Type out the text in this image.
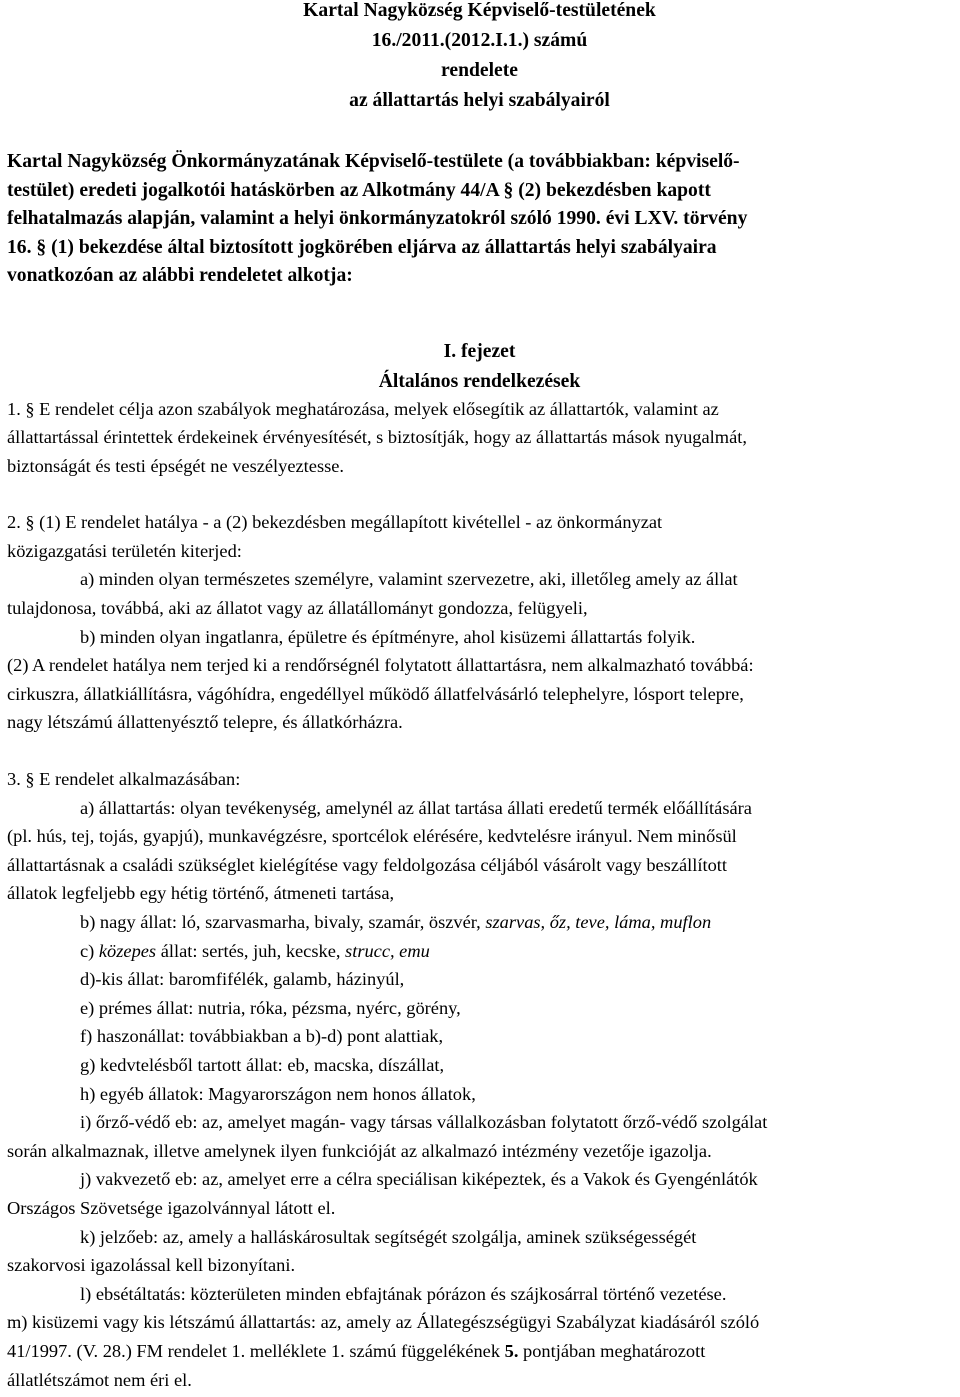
Kartal Nagyközség Képviselő-testületének
16./2011.(2012.I.1.) számú
rendelete
az állattartás helyi szabályairól
Kartal Nagyközség Önkormányzatának Képviselő-testülete (a továbbiakban: képviselő-
testület) eredeti jogalkotói hatáskörben az Alkotmány 44/A § (2) bekezdésben kapott
felhatalmazás alapján, valamint a helyi önkormányzatokról szóló 1990. évi LXV. törvény
16. § (1) bekezdése által biztosított jogkörében eljárva az állattartás helyi szabályaira
vonatkozóan az alábbi rendeletet alkotja:
I. fejezet
Általános rendelkezések

1. § E rendelet célja azon szabályok meghatározása, melyek elősegítik az állattartók, valamint az

állattartással érintettek érdekeinek érvényesítését, s biztosítják, hogy az állattartás mások nyugalmát,

biztonságát és testi épségét ne veszélyeztesse.

2. § (1) E rendelet hatálya - a (2) bekezdésben megállapított kivétellel - az önkormányzat

közigazgatási területén kiterjed:

a) minden olyan természetes személyre, valamint szervezetre, aki, illetőleg amely az állat

tulajdonosa, továbbá, aki az állatot vagy az állatállományt gondozza, felügyeli,

b) minden olyan ingatlanra, épületre és építményre, ahol kisüzemi állattartás folyik.

(2) A rendelet hatálya nem terjed ki a rendőrségnél folytatott állattartásra, nem alkalmazható továbbá:

cirkuszra, állatkiállításra, vágóhídra, engedéllyel működő állatfelvásárló telephelyre, lósport telepre,

nagy létszámú állattenyésztő telepre, és állatkórházra.

3. § E rendelet alkalmazásában:

a) állattartás: olyan tevékenység, amelynél az állat tartása állati eredetű termék előállítására

(pl. hús, tej, tojás, gyapjú), munkavégzésre, sportcélok elérésére, kedvtelésre irányul. Nem minősül

állattartásnak a családi szükséglet kielégítése vagy feldolgozása céljából vásárolt vagy beszállított

állatok legfeljebb egy hétig történő, átmeneti tartása,

b) nagy állat: ló, szarvasmarha, bivaly, szamár, öszvér, szarvas, őz, teve, láma, muflon

c) közepes állat: sertés, juh, kecske, strucc, emu

d)-kis állat: baromfifélék, galamb, házinyúl,

e) prémes állat: nutria, róka, pézsma, nyérc, görény,

f) haszonállat: továbbiakban a b)-d) pont alattiak,

g) kedvtelésből tartott állat: eb, macska, díszállat,

h) egyéb állatok: Magyarországon nem honos állatok,

i) őrző-védő eb: az, amelyet magán- vagy társas vállalkozásban folytatott őrző-védő szolgálat

során alkalmaznak, illetve amelynek ilyen funkcióját az alkalmazó intézmény vezetője igazolja.

j) vakvezető eb: az, amelyet erre a célra speciálisan kiképeztek, és a Vakok és Gyengénlátók

Országos Szövetsége igazolvánnyal látott el.

k) jelzőeb: az, amely a halláskárosultak segítségét szolgálja, aminek szükségességét

szakorvosi igazolással kell bizonyítani.

l) ebsétáltatás: közterületen minden ebfajtának pórázon és szájkosárral történő vezetése.

m) kisüzemi vagy kis létszámú állattartás: az, amely az Állategészségügyi Szabályzat kiadásáról szóló

41/1997. (V. 28.) FM rendelet 1. melléklete 1. számú függelékének 5. pontjában meghatározott

állatlétszámot nem éri el.
